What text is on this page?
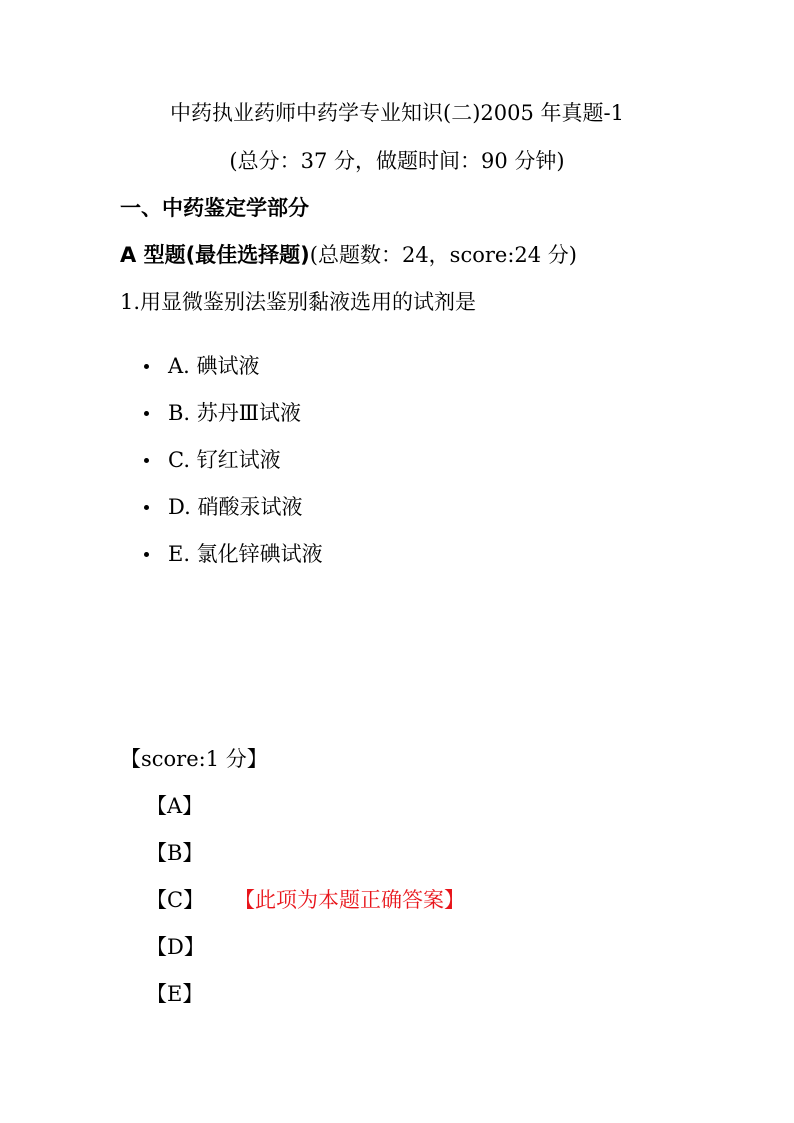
中药执业药师中药学专业知识(二)2005 年真题-1
(总分：37 分，做题时间：90 分钟)
一、中药鉴定学部分
A 型题(最佳选择题)(总题数：24，score:24 分)
1.用显微鉴别法鉴别黏液选用的试剂是
A. 碘试液
B. 苏丹Ⅲ试液
C. 钌红试液
D. 硝酸汞试液
E. 氯化锌碘试液
【score:1 分】
【A】
【B】
【C】 【此项为本题正确答案】
【D】
【E】
